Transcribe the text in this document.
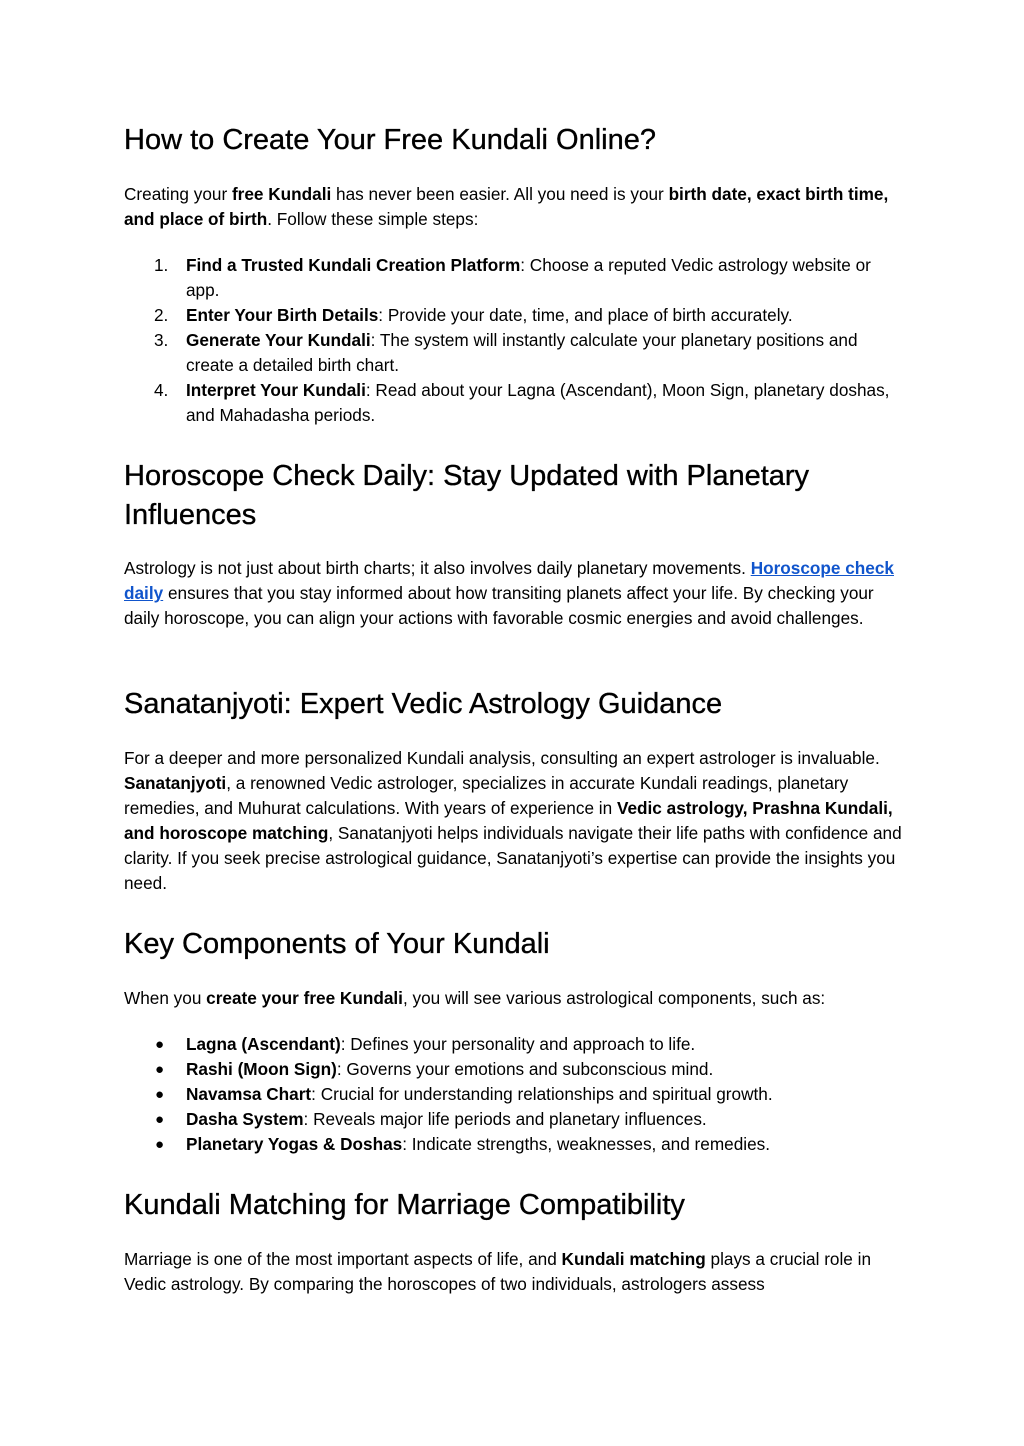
How to Create Your Free Kundali Online?

Creating your free Kundali has never been easier. All you need is your birth date, exact birth time, and place of birth. Follow these simple steps:

1. Find a Trusted Kundali Creation Platform: Choose a reputed Vedic astrology website or app.
2. Enter Your Birth Details: Provide your date, time, and place of birth accurately.
3. Generate Your Kundali: The system will instantly calculate your planetary positions and create a detailed birth chart.
4. Interpret Your Kundali: Read about your Lagna (Ascendant), Moon Sign, planetary doshas, and Mahadasha periods.
Horoscope Check Daily: Stay Updated with Planetary Influences

Astrology is not just about birth charts; it also involves daily planetary movements. Horoscope check daily ensures that you stay informed about how transiting planets affect your life. By checking your daily horoscope, you can align your actions with favorable cosmic energies and avoid challenges.

Sanatanjyoti: Expert Vedic Astrology Guidance

For a deeper and more personalized Kundali analysis, consulting an expert astrologer is invaluable. Sanatanjyoti, a renowned Vedic astrologer, specializes in accurate Kundali readings, planetary remedies, and Muhurat calculations. With years of experience in Vedic astrology, Prashna Kundali, and horoscope matching, Sanatanjyoti helps individuals navigate their life paths with confidence and clarity. If you seek precise astrological guidance, Sanatanjyoti’s expertise can provide the insights you need.

Key Components of Your Kundali

When you create your free Kundali, you will see various astrological components, such as:

● Lagna (Ascendant): Defines your personality and approach to life.
● Rashi (Moon Sign): Governs your emotions and subconscious mind.
● Navamsa Chart: Crucial for understanding relationships and spiritual growth.
● Dasha System: Reveals major life periods and planetary influences.
● Planetary Yogas & Doshas: Indicate strengths, weaknesses, and remedies.
Kundali Matching for Marriage Compatibility

Marriage is one of the most important aspects of life, and Kundali matching plays a crucial role in Vedic astrology. By comparing the horoscopes of two individuals, astrologers assess
